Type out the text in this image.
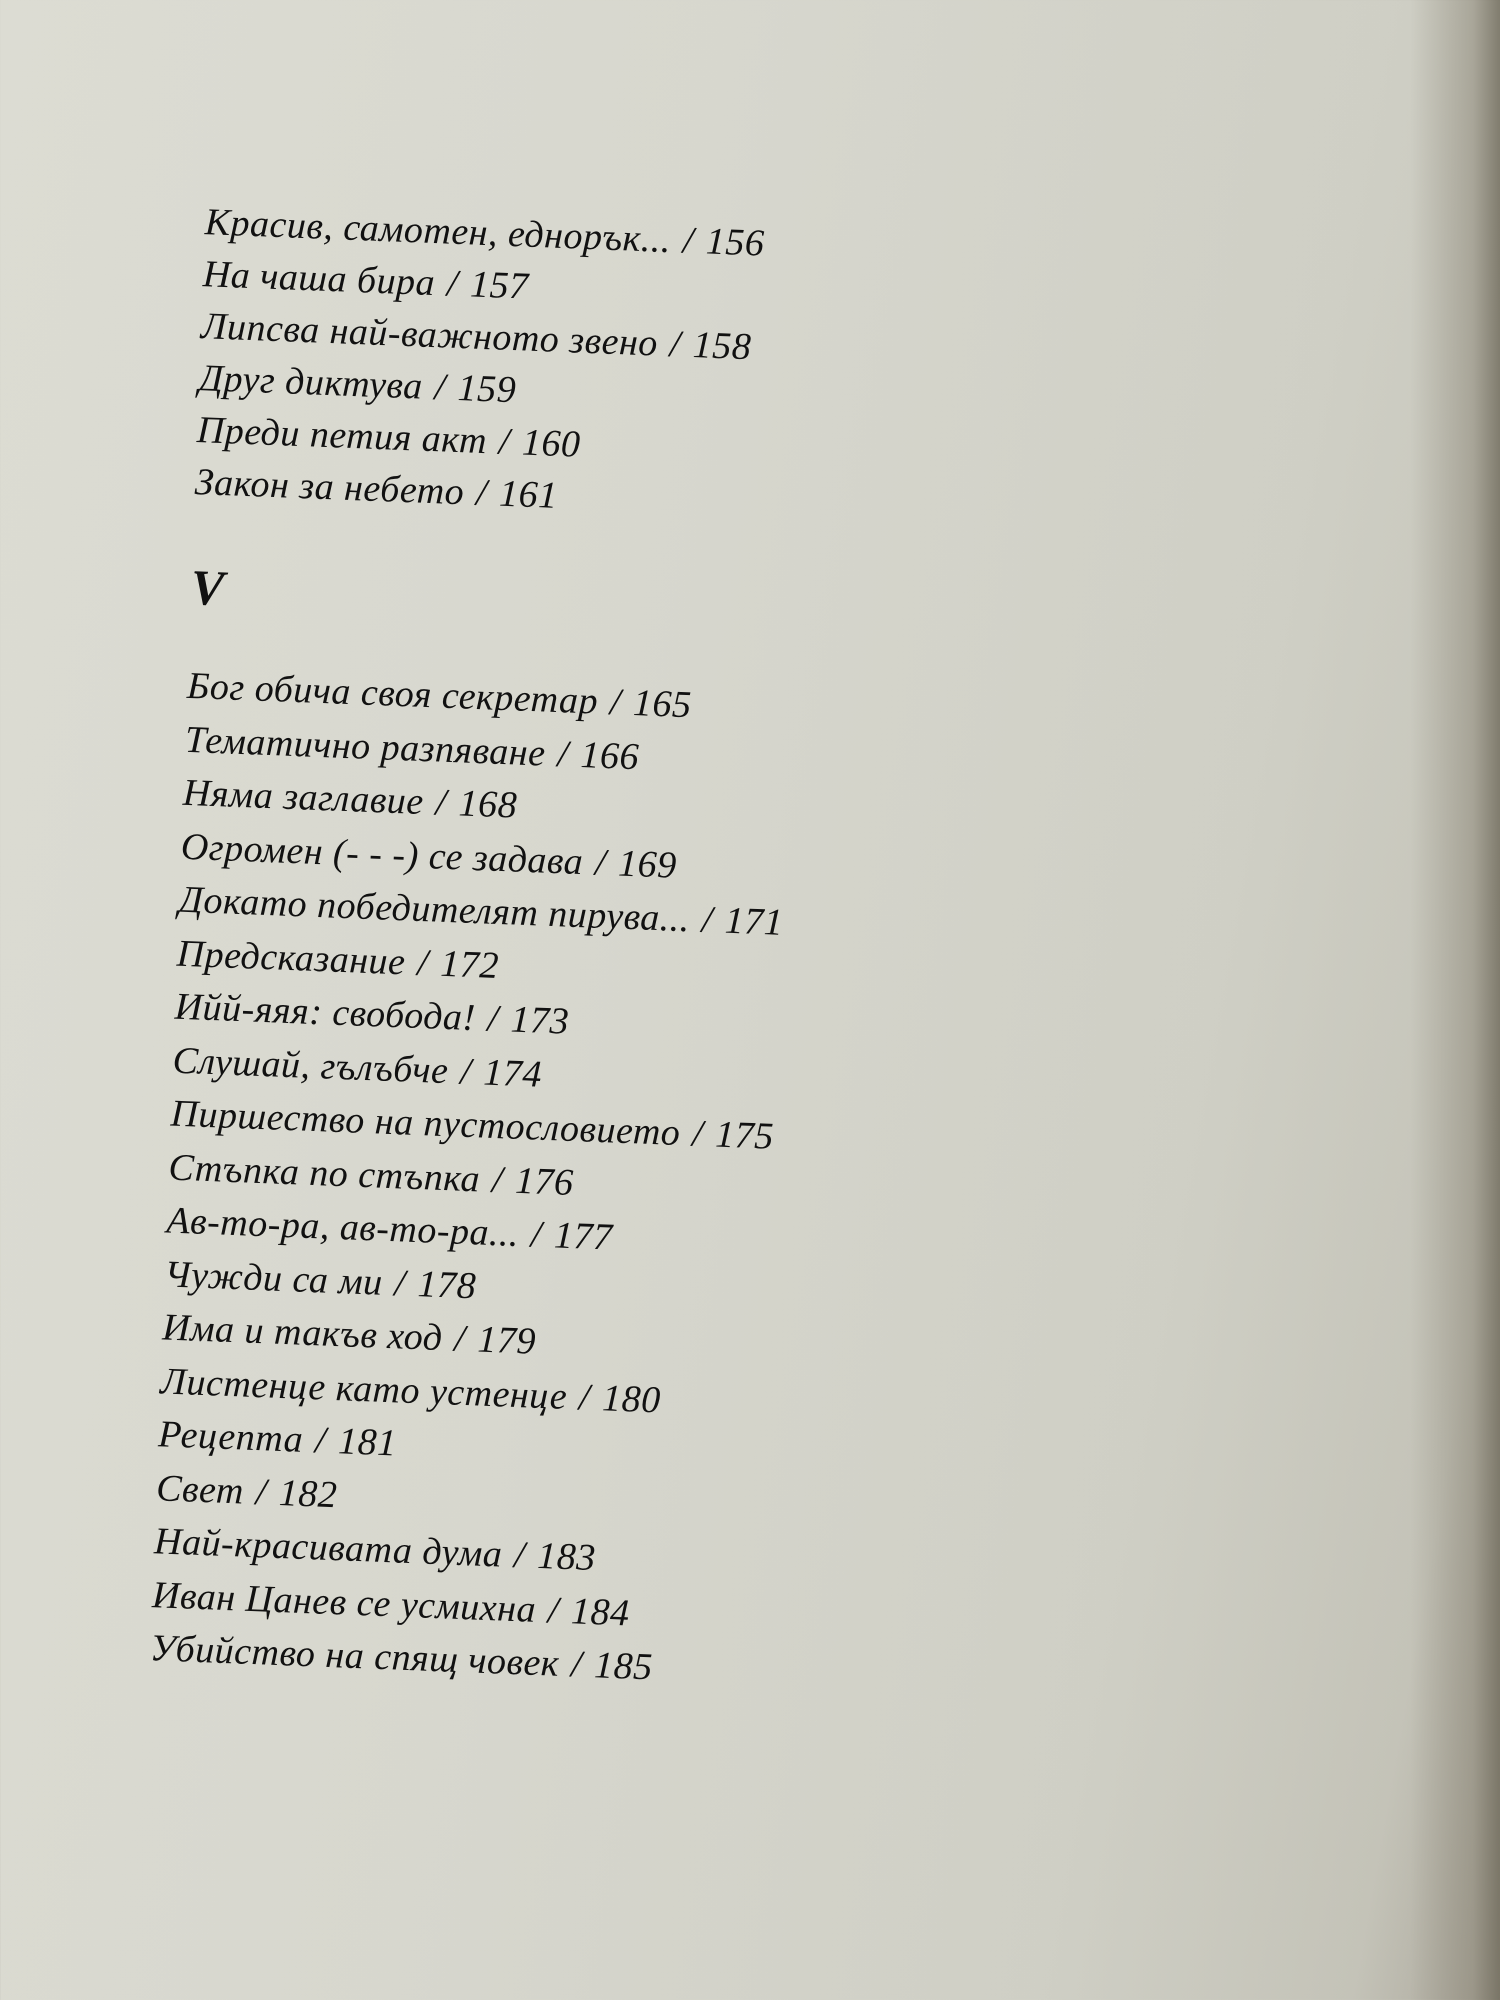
Красив, самотен, еднорък... / 156
На чаша бира / 157
Липсва най-важното звено / 158
Друг диктува / 159
Преди петия акт / 160
Закон за небето / 161
V
Бог обича своя секретар / 165
Тематично разпяване / 166
Няма заглавие / 168
Огромен (- - -) се задава / 169
Докато победителят пирува... / 171
Предсказание / 172
Ийй-яяя: свобода! / 173
Слушай, гълъбче / 174
Пиршество на пустословието / 175
Стъпка по стъпка / 176
Ав-то-ра, ав-то-ра... / 177
Чужди са ми / 178
Има и такъв ход / 179
Листенце като устенце / 180
Рецепта / 181
Свет / 182
Най-красивата дума / 183
Иван Цанев се усмихна / 184
Убийство на спящ човек / 185
